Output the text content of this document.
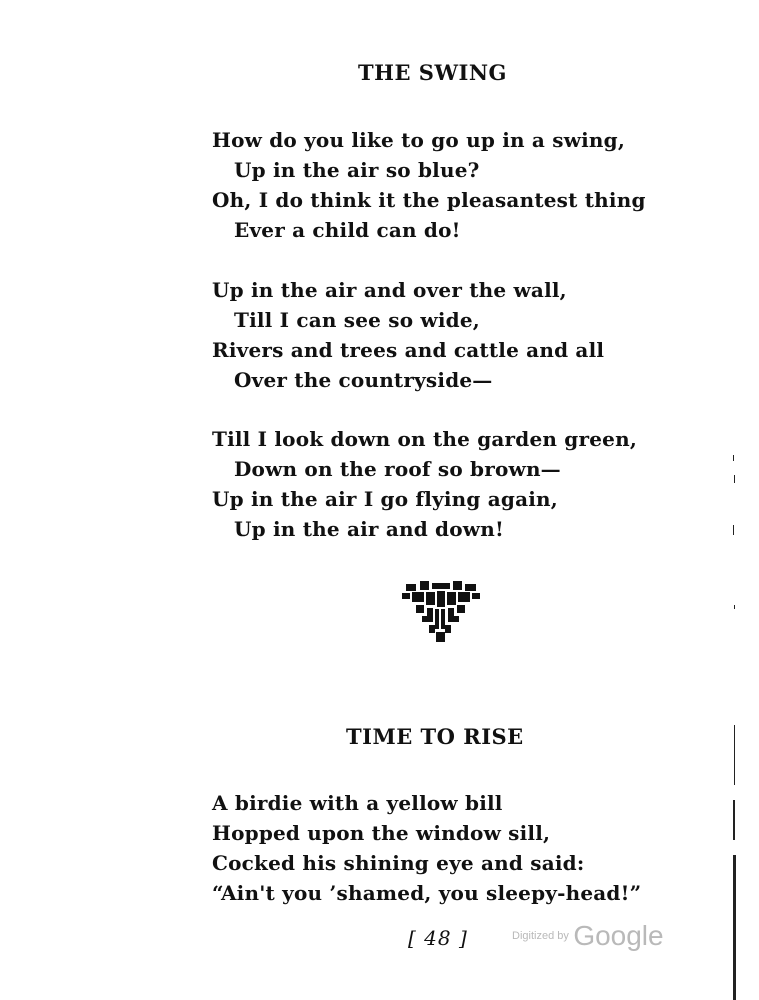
THE SWING
How do you like to go up in a swing,
Up in the air so blue?
Oh, I do think it the pleasantest thing
Ever a child can do!
Up in the air and over the wall,
Till I can see so wide,
Rivers and trees and cattle and all
Over the countryside—
Till I look down on the garden green,
Down on the roof so brown—
Up in the air I go flying again,
Up in the air and down!
TIME TO RISE
A birdie with a yellow bill
Hopped upon the window sill,
Cocked his shining eye and said:
“Ain't you ’shamed, you sleepy-head!”
[ 48 ]	$^{Digitized by}$ Google
